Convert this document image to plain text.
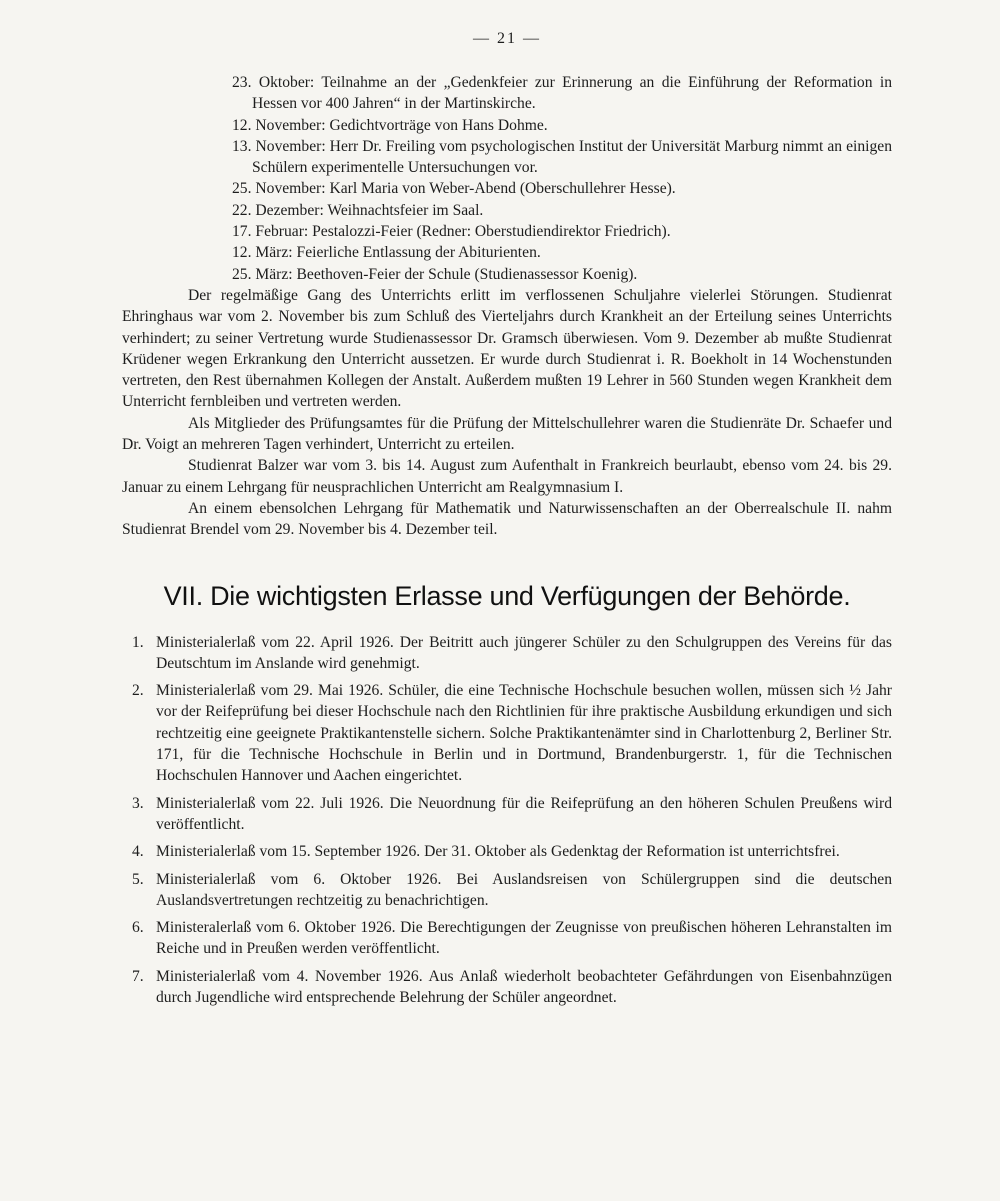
— 21 —
23. Oktober: Teilnahme an der „Gedenkfeier zur Erinnerung an die Einführung der Reformation in Hessen vor 400 Jahren“ in der Martinskirche.
12. November: Gedichtvorträge von Hans Dohme.
13. November: Herr Dr. Freiling vom psychologischen Institut der Universität Marburg nimmt an einigen Schülern experimentelle Untersuchungen vor.
25. November: Karl Maria von Weber-Abend (Oberschullehrer Hesse).
22. Dezember: Weihnachtsfeier im Saal.
17. Februar: Pestalozzi-Feier (Redner: Oberstudiendirektor Friedrich).
12. März: Feierliche Entlassung der Abiturienten.
25. März: Beethoven-Feier der Schule (Studienassessor Koenig).

Der regelmäßige Gang des Unterrichts erlitt im verflossenen Schuljahre vielerlei Störungen. Studienrat Ehringhaus war vom 2. November bis zum Schluß des Vierteljahrs durch Krankheit an der Erteilung seines Unterrichts verhindert; zu seiner Vertretung wurde Studienassessor Dr. Gramsch überwiesen. Vom 9. Dezember ab mußte Studienrat Krüdener wegen Erkrankung den Unterricht aussetzen. Er wurde durch Studienrat i. R. Boekholt in 14 Wochenstunden vertreten, den Rest übernahmen Kollegen der Anstalt. Außerdem mußten 19 Lehrer in 560 Stunden wegen Krankheit dem Unterricht fernbleiben und vertreten werden.

Als Mitglieder des Prüfungsamtes für die Prüfung der Mittelschullehrer waren die Studienräte Dr. Schaefer und Dr. Voigt an mehreren Tagen verhindert, Unterricht zu erteilen.

Studienrat Balzer war vom 3. bis 14. August zum Aufenthalt in Frankreich beurlaubt, ebenso vom 24. bis 29. Januar zu einem Lehrgang für neusprachlichen Unterricht am Realgymnasium I.

An einem ebensolchen Lehrgang für Mathematik und Naturwissenschaften an der Oberrealschule II. nahm Studienrat Brendel vom 29. November bis 4. Dezember teil.

VII. Die wichtigsten Erlasse und Verfügungen der Behörde.
1. Ministerialerlaß vom 22. April 1926. Der Beitritt auch jüngerer Schüler zu den Schulgruppen des Vereins für das Deutschtum im Anslande wird genehmigt.
2. Ministerialerlaß vom 29. Mai 1926. Schüler, die eine Technische Hochschule besuchen wollen, müssen sich ½ Jahr vor der Reifeprüfung bei dieser Hochschule nach den Richtlinien für ihre praktische Ausbildung erkundigen und sich rechtzeitig eine geeignete Praktikantenstelle sichern. Solche Praktikantenämter sind in Charlottenburg 2, Berliner Str. 171, für die Technische Hochschule in Berlin und in Dortmund, Brandenburgerstr. 1, für die Technischen Hochschulen Hannover und Aachen eingerichtet.
3. Ministerialerlaß vom 22. Juli 1926. Die Neuordnung für die Reifeprüfung an den höheren Schulen Preußens wird veröffentlicht.
4. Ministerialerlaß vom 15. September 1926. Der 31. Oktober als Gedenktag der Reformation ist unterrichtsfrei.
5. Ministerialerlaß vom 6. Oktober 1926. Bei Auslandsreisen von Schülergruppen sind die deutschen Auslandsvertretungen rechtzeitig zu benachrichtigen.
6. Ministeralerlaß vom 6. Oktober 1926. Die Berechtigungen der Zeugnisse von preußischen höheren Lehranstalten im Reiche und in Preußen werden veröffentlicht.
7. Ministerialerlaß vom 4. November 1926. Aus Anlaß wiederholt beobachteter Gefährdungen von Eisenbahnzügen durch Jugendliche wird entsprechende Belehrung der Schüler angeordnet.
